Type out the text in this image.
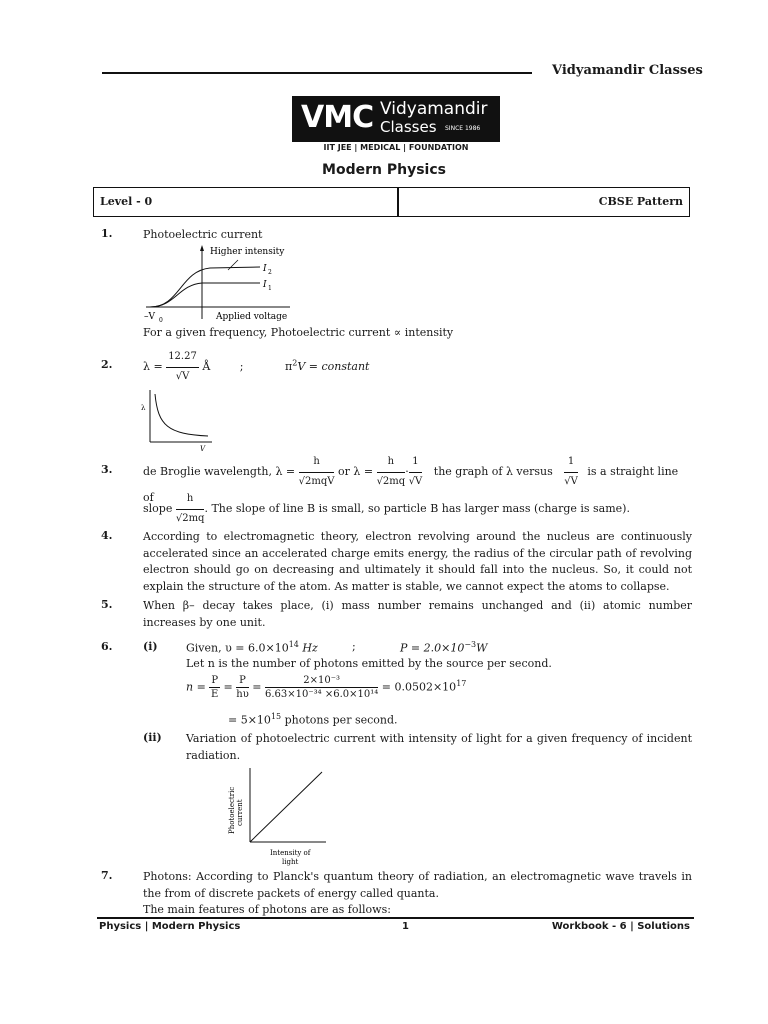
Vidyamandir Classes
VMC Vidyamandir
Classes SINCE 1986
IIT JEE | MEDICAL | FOUNDATION
Modern Physics
Level - 0	CBSE Pattern
1.	Photoelectric current
Higher intensity
I 2
I 1
–V 0	Applied voltage
For a given frequency, Photoelectric current ∝ intensity
2.	$\lambda = \frac{12.27}{√V}$ Å	;	$\pi^2V$ = constant
λ
V
3.	de Broglie wavelength, $\lambda = \frac{h}{\text{√2mqV}}$ or $\lambda = \frac{h}{√2mq} \cdot \frac{1}{√V}$ the graph of λ versus $\frac{1}{√V}$ is a straight line of
slope $\frac{h}{√2mq}$ . The slope of line B is small, so particle B has larger mass (charge is same).
4.	According to electromagnetic theory, electron revolving around the nucleus are continuously accelerated since an accelerated charge emits energy, the radius of the circular path of revolving electron should go on decreasing and ultimately it should fall into the nucleus. So, it could not explain the structure of the atom. As matter is stable, we cannot expect the atoms to collapse.
5.	When β– decay takes place, (i) mass number remains unchanged and (ii) atomic number increases by one unit.
6.	(i)	Given, $\upsilon = 6.0\times 10^{14}$ Hz	;	$P = 2.0\times 10^{-3}W$
Let n is the number of photons emitted by the source per second.
$n = \frac{P}{E} = \frac{P}{h\upsilon} = \frac{\text{2×10⁻³}}{\text{6.63×10⁻³⁴ ×6.0×10¹⁴}} = 0.0502\times 10^{17}$
= $5\times 10^{15}$ photons per second.
(ii) Variation of photoelectric current with intensity of light for a given frequency of incident radiation.
Photoelectric current
Intensity of
light
7.	Photons: According to Planck's quantum theory of radiation, an electromagnetic wave travels in the from of discrete packets of energy called quanta.
The main features of photons are as follows:
Physics | Modern Physics	1	Workbook - 6 | Solutions
